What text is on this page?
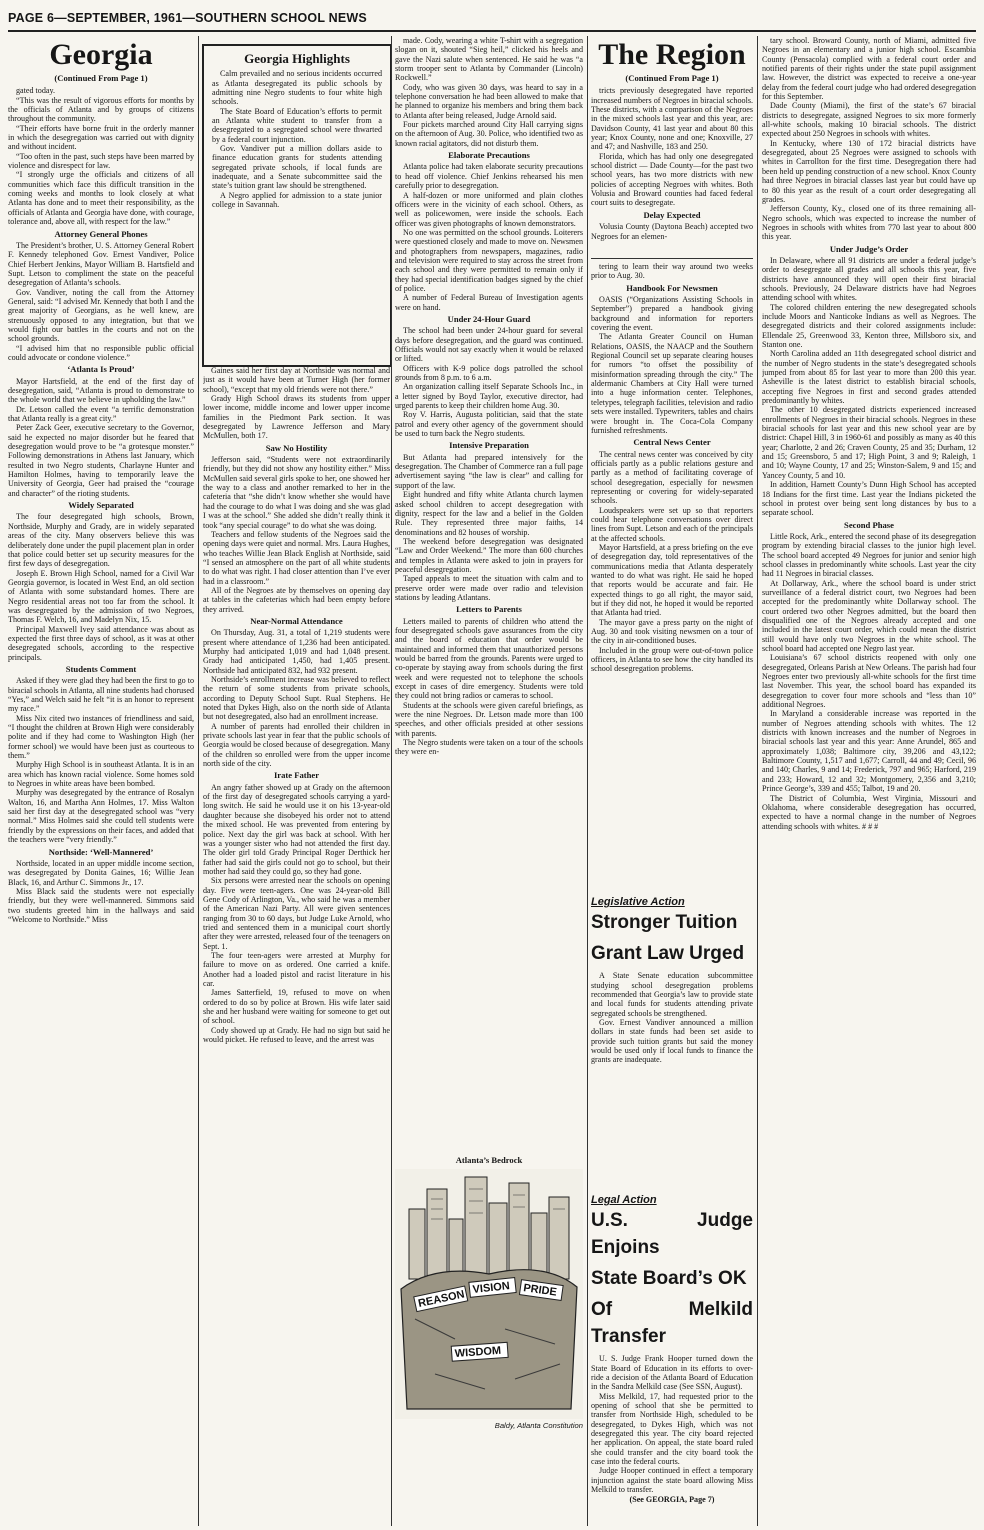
PAGE 6—SEPTEMBER, 1961—SOUTHERN SCHOOL NEWS
Georgia
(Continued From Page 1)

gated today.

“This was the result of vigorous efforts for months by the officials of Atlanta and by groups of citizens throughout the community.

“Their efforts have borne fruit in the orderly manner in which the desegregation was carried out with dignity and without incident.

“Too often in the past, such steps have been marred by violence and disrespect for law.

“I strongly urge the officials and citizens of all communities which face this difficult transition in the coming weeks and months to look closely at what Atlanta has done and to meet their responsibility, as the officials of Atlanta and Georgia have done, with courage, tolerance and, above all, with respect for the law.”

Attorney General Phones

The President’s brother, U. S. Attorney General Robert F. Kennedy telephoned Gov. Ernest Vandiver, Police Chief Herbert Jenkins, Mayor William B. Hartsfield and Supt. Letson to compliment the state on the peaceful desegregation of Atlanta’s schools.

Gov. Vandiver, noting the call from the Attorney General, said: “I advised Mr. Kennedy that both I and the great majority of Georgians, as he well knew, are strenuously opposed to any integration, but that we would fight our battles in the courts and not on the school grounds.

“I advised him that no responsible public official could advocate or condone violence.”

‘Atlanta Is Proud’

Mayor Hartsfield, at the end of the first day of desegregation, said, “Atlanta is proud to demonstrate to the whole world that we believe in upholding the law.”

Dr. Letson called the event “a terrific demonstration that Atlanta really is a great city.”

Peter Zack Geer, executive secretary to the Governor, said he expected no major disorder but he feared that desegregation would prove to be “a grotesque monster.” Following demonstrations in Athens last January, which resulted in two Negro students, Charlayne Hunter and Hamilton Holmes, having to temporarily leave the University of Georgia, Geer had praised the “courage and character” of the rioting students.

Widely Separated

The four desegregated high schools, Brown, Northside, Murphy and Grady, are in widely separated areas of the city. Many observers believe this was deliberately done under the pupil placement plan in order that police could better set up security measures for the first few days of desegregation.

Joseph E. Brown High School, named for a Civil War Georgia governor, is located in West End, an old section of Atlanta with some substandard homes. There are Negro residential areas not too far from the school. It was desegregated by the admission of two Negroes, Thomas F. Welch, 16, and Madelyn Nix, 15.

Principal Maxwell Ivey said attendance was about as expected the first three days of school, as it was at other desegregated schools, according to the respective principals.

Students Comment

Asked if they were glad they had been the first to go to biracial schools in Atlanta, all nine students had chorused “Yes,” and Welch said he felt “it is an honor to represent my race.”

Miss Nix cited two instances of friendliness and said, “I thought the children at Brown High were considerably polite and if they had come to Washington High (her former school) we would have been just as courteous to them.”

Murphy High School is in southeast Atlanta. It is in an area which has known racial violence. Some homes sold to Negroes in white areas have been bombed.

Murphy was desegregated by the entrance of Rosalyn Walton, 16, and Martha Ann Holmes, 17. Miss Walton said her first day at the desegregated school was “very normal.” Miss Holmes said she could tell students were friendly by the expressions on their faces, and added that the teachers were “very friendly.”

Northside: ‘Well-Mannered’

Northside, located in an upper middle income section, was desegregated by Donita Gaines, 16; Willie Jean Black, 16, and Arthur C. Simmons Jr., 17.

Miss Black said the students were not especially friendly, but they were well-mannered. Simmons said two students greeted him in the hallways and said “Welcome to Northside.” Miss

Georgia Highlights

Calm prevailed and no serious incidents occurred as Atlanta desegregated its public schools by admitting nine Negro students to four white high schools.

The State Board of Education’s efforts to permit an Atlanta white student to transfer from a desegregated to a segregated school were thwarted by a federal court injunction.

Gov. Vandiver put a million dollars aside to finance education grants for students attending segregated private schools, if local funds are inadequate, and a Senate subcommittee said the state’s tuition grant law should be strengthened.

A Negro applied for admission to a state junior college in Savannah.

Gaines said her first day at Northside was normal and just as it would have been at Turner High (her former school), “except that my old friends were not there.”

Grady High School draws its students from upper lower income, middle income and lower upper income families in the Piedmont Park section. It was desegregated by Lawrence Jefferson and Mary McMullen, both 17.

Saw No Hostility

Jefferson said, “Students were not extraordinarily friendly, but they did not show any hostility either.” Miss McMullen said several girls spoke to her, one showed her the way to a class and another remarked to her in the cafeteria that “she didn’t know whether she would have had the courage to do what I was doing and she was glad I was at the school.” She added she didn’t really think it took “any special courage” to do what she was doing.

Teachers and fellow students of the Negroes said the opening days were quiet and normal. Mrs. Laura Hughes, who teaches Willie Jean Black English at Northside, said “I sensed an atmosphere on the part of all white students to do what was right. I had closer attention than I’ve ever had in a classroom.”

All of the Negroes ate by themselves on opening day at tables in the cafeterias which had been empty before they arrived.

Near-Normal Attendance

On Thursday, Aug. 31, a total of 1,219 students were present where attendance of 1,236 had been anticipated. Murphy had anticipated 1,019 and had 1,048 present. Grady had anticipated 1,450, had 1,405 present. Northside had anticipated 832, had 932 present.

Northside’s enrollment increase was believed to reflect the return of some students from private schools, according to Deputy School Supt. Rual Stephens. He noted that Dykes High, also on the north side of Atlanta but not desegregated, also had an enrollment increase.

A number of parents had enrolled their children in private schools last year in fear that the public schools of Georgia would be closed because of desegregation. Many of the children so enrolled were from the upper income north side of the city.

Irate Father

An angry father showed up at Grady on the afternoon of the first day of desegregated schools carrying a yard-long switch. He said he would use it on his 13-year-old daughter because she disobeyed his order not to attend the mixed school. He was prevented from entering by police. Next day the girl was back at school. With her was a younger sister who had not attended the first day. The older girl told Grady Principal Roger Derthick her father had said the girls could not go to school, but their mother had said they could go, so they had gone.

Six persons were arrested near the schools on opening day. Five were teen-agers. One was 24-year-old Bill Gene Cody of Arlington, Va., who said he was a member of the American Nazi Party. All were given sentences ranging from 30 to 60 days, but Judge Luke Arnold, who tried and sentenced them in a municipal court shortly after they were arrested, released four of the teenagers on Sept. 1.

The four teen-agers were arrested at Murphy for failure to move on as ordered. One carried a knife. Another had a loaded pistol and racist literature in his car.

James Satterfield, 19, refused to move on when ordered to do so by police at Brown. His wife later said she and her husband were waiting for someone to get out of school.

Cody showed up at Grady. He had no sign but said he would picket. He refused to leave, and the arrest was

made. Cody, wearing a white T-shirt with a segregation slogan on it, shouted “Sieg heil,” clicked his heels and gave the Nazi salute when sentenced. He said he was “a storm trooper sent to Atlanta by Commander (Lincoln) Rockwell.”

Cody, who was given 30 days, was heard to say in a telephone conversation he had been allowed to make that he planned to organize his members and bring them back to Atlanta after being released, Judge Arnold said.

Four pickets marched around City Hall carrying signs on the afternoon of Aug. 30. Police, who identified two as known racial agitators, did not disturb them.

Elaborate Precautions

Atlanta police had taken elaborate security precautions to head off violence. Chief Jenkins rehearsed his men carefully prior to desegregation.

A half-dozen or more uniformed and plain clothes officers were in the vicinity of each school. Others, as well as policewomen, were inside the schools. Each officer was given photographs of known demonstrators.

No one was permitted on the school grounds. Loiterers were questioned closely and made to move on. Newsmen and photographers from newspapers, magazines, radio and television were required to stay across the street from each school and they were permitted to remain only if they had special identification badges signed by the chief of police.

A number of Federal Bureau of Investigation agents were on hand.

Under 24-Hour Guard

The school had been under 24-hour guard for several days before desegregation, and the guard was continued. Officials would not say exactly when it would be relaxed or lifted.

Officers with K-9 police dogs patrolled the school grounds from 8 p.m. to 6 a.m.

An organization calling itself Separate Schools Inc., in a letter signed by Boyd Taylor, executive director, had urged parents to keep their children home Aug. 30.

Roy V. Harris, Augusta politician, said that the state patrol and every other agency of the government should be used to turn back the Negro students.

Intensive Preparation

But Atlanta had prepared intensively for the desegregation. The Chamber of Commerce ran a full page advertisement saying “the law is clear” and calling for support of the law.

Eight hundred and fifty white Atlanta church laymen asked school children to accept desegregation with dignity, respect for the law and a belief in the Golden Rule. They represented three major faiths, 14 denominations and 82 houses of worship.

The weekend before desegregation was designated “Law and Order Weekend.” The more than 600 churches and temples in Atlanta were asked to join in prayers for peaceful desegregation.

Taped appeals to meet the situation with calm and to preserve order were made over radio and television stations by leading Atlantans.

Letters to Parents

Letters mailed to parents of children who attend the four desegregated schools gave assurances from the city and the board of education that order would be maintained and informed them that unauthorized persons would be barred from the grounds. Parents were urged to co-operate by staying away from schools during the first week and were requested not to telephone the schools except in cases of dire emergency. Students were told they could not bring radios or cameras to school.

Students at the schools were given careful briefings, as were the nine Negroes. Dr. Letson made more than 100 speeches, and other officials presided at other sessions with parents.

The Negro students were taken on a tour of the schools they were en-

Atlanta’s Bedrock
REASON
VISION PRIDE
WISDOM
Baldy, Atlanta Constitution
The Region
(Continued From Page 1)

tricts previously desegregated have reported increased numbers of Negroes in biracial schools. These districts, with a comparison of the Negroes in the mixed schools last year and this year, are: Davidson County, 41 last year and about 80 this year; Knox County, none and one; Knoxville, 27 and 47; and Nashville, 183 and 250.

Florida, which has had only one desegregated school district — Dade County—for the past two school years, has two more districts with new policies of accepting Negroes with whites. Both Volusia and Broward counties had faced federal court suits to desegregate.

Delay Expected

Volusia County (Daytona Beach) accepted two Negroes for an elemen-

tering to learn their way around two weeks prior to Aug. 30.

Handbook For Newsmen

OASIS (“Organizations Assisting Schools in September”) prepared a handbook giving background and information for reporters covering the event.

The Atlanta Greater Council on Human Relations, OASIS, the NAACP and the Southern Regional Council set up separate clearing houses for rumors “to offset the possibility of misinformation spreading through the city.” The aldermanic Chambers at City Hall were turned into a huge information center. Telephones, teletypes, telegraph facilities, television and radio sets were installed. Typewriters, tables and chairs were brought in. The Coca-Cola Company furnished refreshments.

Central News Center

The central news center was conceived by city officials partly as a public relations gesture and partly as a method of facilitating coverage of school desegregation, especially for newsmen representing or covering for widely-separated schools.

Loudspeakers were set up so that reporters could hear telephone conversations over direct lines from Supt. Letson and each of the principals at the affected schools.

Mayor Hartsfield, at a press briefing on the eve of desegregation day, told representatives of the communications media that Atlanta desperately wanted to do what was right. He said he hoped that reports would be accurate and fair. He expected things to go all right, the mayor said, but if they did not, he hoped it would be reported that Atlanta had tried.

The mayor gave a press party on the night of Aug. 30 and took visiting newsmen on a tour of the city in air-conditioned buses.

Included in the group were out-of-town police officers, in Atlanta to see how the city handled its school desegregation problems.

Legislative Action
Stronger Tuition
Grant Law Urged

A State Senate education subcommittee studying school desegregation problems recommended that Georgia’s law to provide state and local funds for students attending private segregated schools be strengthened.

Gov. Ernest Vandiver announced a million dollars in state funds had been set aside to provide such tuition grants but said the money would be used only if local funds to finance the grants are inadequate.

Legal Action
U.S. Judge Enjoins
State Board’s OK
Of Melkild Transfer

U. S. Judge Frank Hooper turned down the State Board of Education in its efforts to over-ride a decision of the Atlanta Board of Education in the Sandra Melkild case (See SSN, August).

Miss Melkild, 17, had requested prior to the opening of school that she be permitted to transfer from Northside High, scheduled to be desegregated, to Dykes High, which was not desegregated this year. The city board rejected her application. On appeal, the state board ruled she could transfer and the city board took the case into the federal courts.

Judge Hooper continued in effect a temporary injunction against the state board allowing Miss Melkild to transfer.

(See GEORGIA, Page 7)

tary school. Broward County, north of Miami, admitted five Negroes in an elementary and a junior high school. Escambia County (Pensacola) complied with a federal court order and notified parents of their rights under the state pupil assignment law. However, the district was expected to receive a one-year delay from the federal court judge who had ordered desegregation for this September.

Dade County (Miami), the first of the state’s 67 biracial districts to desegregate, assigned Negroes to six more formerly all-white schools, making 10 biracial schools. The district expected about 250 Negroes in schools with whites.

In Kentucky, where 130 of 172 biracial districts have desegregated, about 25 Negroes were assigned to schools with whites in Carrollton for the first time. Desegregation there had been held up pending construction of a new school. Knox County had three Negroes in biracial classes last year but could have up to 80 this year as the result of a court order desegregating all grades.

Jefferson County, Ky., closed one of its three remaining all-Negro schools, which was expected to increase the number of Negroes in schools with whites from 770 last year to about 800 this year.

Under Judge’s Order

In Delaware, where all 91 districts are under a federal judge’s order to desegregate all grades and all schools this year, five districts have announced they will open their first biracial schools. Previously, 24 Delaware districts have had Negroes attending school with whites.

The colored children entering the new desegregated schools include Moors and Nanticoke Indians as well as Negroes. The desegregated districts and their colored assignments include: Ellendale 25, Greenwood 33, Kenton three, Millsboro six, and Stanton one.

North Carolina added an 11th desegregated school district and the number of Negro students in the state’s desegregated schools jumped from about 85 for last year to more than 200 this year. Asheville is the latest district to establish biracial schools, accepting five Negroes in first and second grades attended predominantly by whites.

The other 10 desegregated districts experienced increased enrollments of Negroes in their biracial schools. Negroes in these biracial schools for last year and this new school year are by district: Chapel Hill, 3 in 1960-61 and possibly as many as 40 this year; Charlotte, 2 and 26; Craven County, 25 and 35; Durham, 12 and 15; Greensboro, 5 and 17; High Point, 3 and 9; Raleigh, 1 and 10; Wayne County, 17 and 25; Winston-Salem, 9 and 15; and Yancey County, 5 and 10.

In addition, Harnett County’s Dunn High School has accepted 18 Indians for the first time. Last year the Indians picketed the school in protest over being sent long distances by bus to a separate school.

Second Phase

Little Rock, Ark., entered the second phase of its desegregation program by extending biracial classes to the junior high level. The school board accepted 49 Negroes for junior and senior high school classes in predominantly white schools. Last year the city had 11 Negroes in biracial classes.

At Dollarway, Ark., where the school board is under strict surveillance of a federal district court, two Negroes had been accepted for the predominantly white Dollarway school. The court ordered two other Negroes admitted, but the board then disqualified one of the Negroes already accepted and one included in the latest court order, which could mean the district still would have only two Negroes in the white school. The school board had accepted one Negro last year.

Louisiana’s 67 school districts reopened with only one desegregated, Orleans Parish at New Orleans. The parish had four Negroes enter two previously all-white schools for the first time last November. This year, the school board has expanded its desegregation to cover four more schools and “less than 10” additional Negroes.

In Maryland a considerable increase was reported in the number of Negroes attending schools with whites. The 12 districts with known increases and the number of Negroes in biracial schools last year and this year: Anne Arundel, 865 and approximately 1,038; Baltimore city, 39,206 and 43,122; Baltimore County, 1,517 and 1,677; Carroll, 44 and 49; Cecil, 96 and 140; Charles, 9 and 14; Frederick, 797 and 965; Harford, 219 and 233; Howard, 12 and 32; Montgomery, 2,356 and 3,210; Prince George’s, 339 and 455; Talbot, 19 and 20.

The District of Columbia, West Virginia, Missouri and Oklahoma, where considerable desegregation has occurred, expected to have a normal change in the number of Negroes attending schools with whites. # # #
